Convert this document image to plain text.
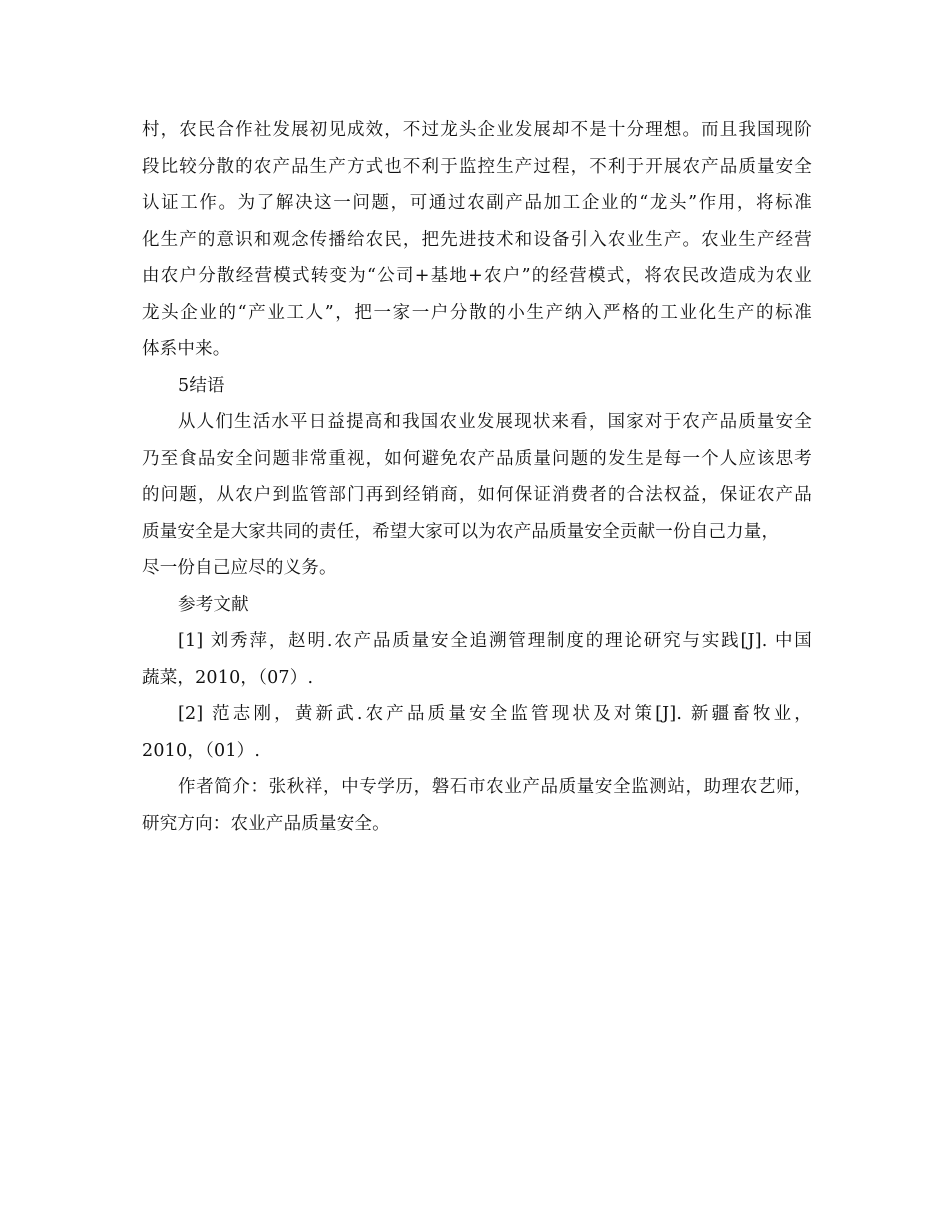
村，农民合作社发展初见成效，不过龙头企业发展却不是十分理想。而且我国现阶
段比较分散的农产品生产方式也不利于监控生产过程，不利于开展农产品质量安全
认证工作。为了解决这一问题，可通过农副产品加工企业的“龙头”作用，将标准
化生产的意识和观念传播给农民，把先进技术和设备引入农业生产。农业生产经营
由农户分散经营模式转变为“公司+基地+农户”的经营模式，将农民改造成为农业
龙头企业的“产业工人”，把一家一户分散的小生产纳入严格的工业化生产的标准
体系中来。
5结语
从人们生活水平日益提高和我国农业发展现状来看，国家对于农产品质量安全
乃至食品安全问题非常重视，如何避免农产品质量问题的发生是每一个人应该思考
的问题，从农户到监管部门再到经销商，如何保证消费者的合法权益，保证农产品
质量安全是大家共同的责任，希望大家可以为农产品质量安全贡献一份自己力量，
尽一份自己应尽的义务。
参考文献
[1] 刘秀萍，赵明.农产品质量安全追溯管理制度的理论研究与实践[J]. 中国
蔬菜，2010，（07）.
[2] 范志刚，黄新武.农产品质量安全监管现状及对策[J]. 新疆畜牧业，
2010，（01）.
作者简介：张秋祥，中专学历，磐石市农业产品质量安全监测站，助理农艺师，
研究方向：农业产品质量安全。
